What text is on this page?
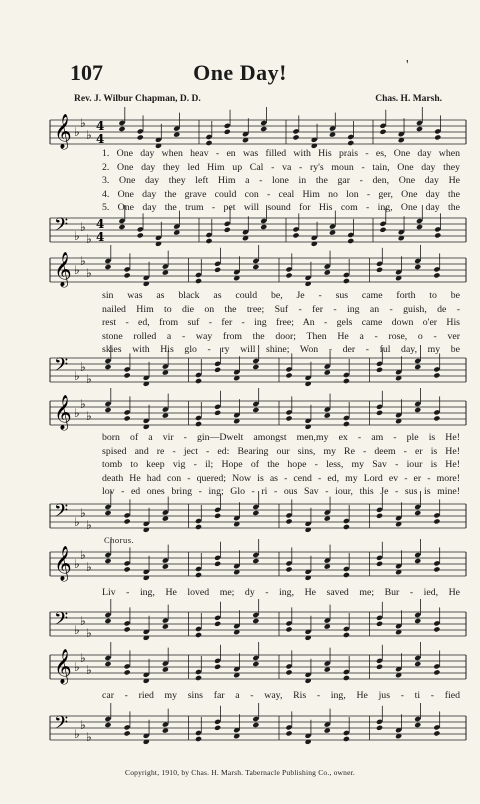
107	One Day!	'
Rev. J. Wilbur Chapman, D. D.	Chas. H. Marsh.
𝄞 ♭
♭
♭
4
4
1. One day when heav - en was filled with His prais - es, One day when
2. One day they led Him up Cal - va - ry's moun - tain, One day they
3. One day they left Him a - lone in the gar - den, One day He
4. One day the grave could con - ceal Him no lon - ger, One day the
5. One day the trum - pet will sound for His com - ing, One day the
𝄢 ♭
♭
♭
4
4
𝄞 ♭
♭
♭
sin was as black as could be, Je - sus came forth to be
nailed Him to die on the tree; Suf - fer - ing an - guish, de -
rest - ed, from suf - fer - ing free; An - gels came down o'er His
stone rolled a - way from the door; Then He a - rose, o - ver
skies with His glo - ry will shine; Won - der - ful day, my be
𝄢 ♭
♭
♭
𝄞 ♭
♭
♭
born of a vir - gin—Dwelt amongst men,my ex - am - ple is He!
spised and re - ject - ed: Bearing our sins, my Re - deem - er is He!
tomb to keep vig - il; Hope of the hope - less, my Sav - iour is He!
death He had con - quered; Now is as - cend - ed, my Lord ev - er - more!
lov - ed ones bring - ing; Glo - ri - ous Sav - iour, this Je - sus is mine!
𝄢 ♭
♭
♭
Chorus.
𝄞 ♭
♭
♭
Liv - ing, He loved me; dy - ing, He saved me; Bur - ied, He
𝄢 ♭
♭
♭
𝄞 ♭
♭
♭
car - ried my sins far a - way, Ris - ing, He jus - ti - fied
𝄢 ♭
♭
♭
Copyright, 1910, by Chas. H. Marsh. Tabernacle Publishing Co., owner.
